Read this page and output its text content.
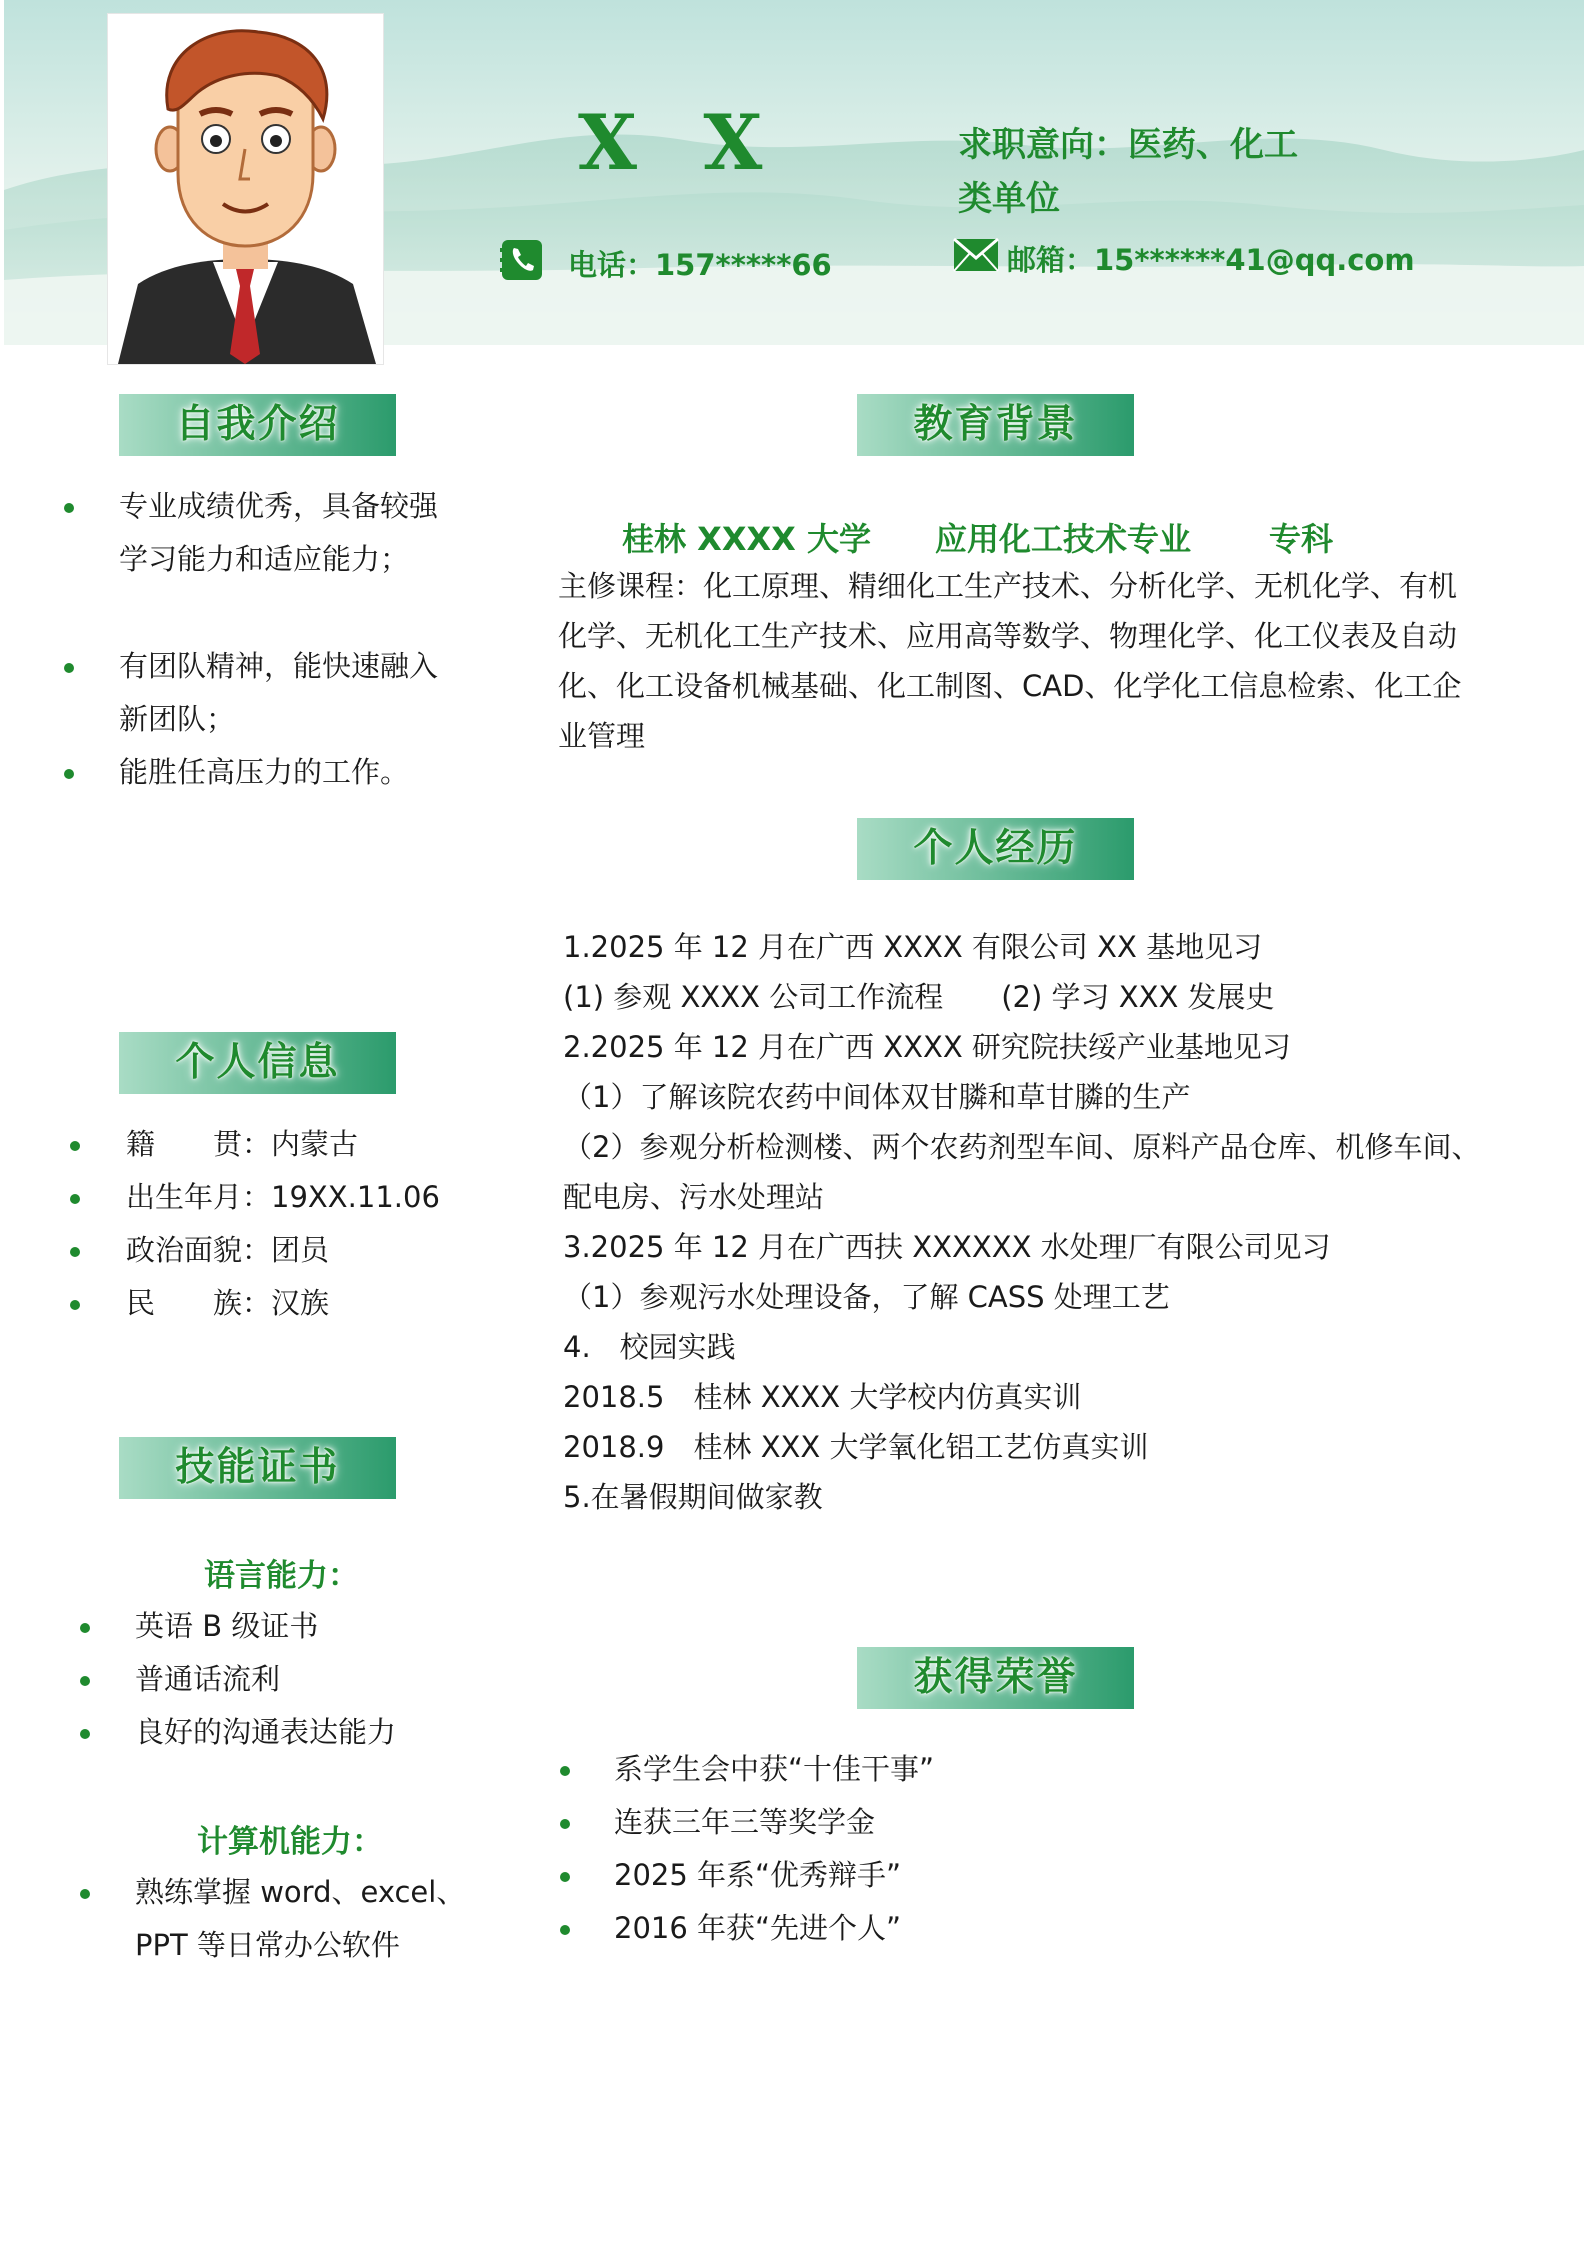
X X	求职意向：医药、化工类单位
电话：157*****66	邮箱：15******41@qq.com
自我介绍
专业成绩优秀，具备较强学习能力和适应能力；
有团队精神，能快速融入新团队；
能胜任高压力的工作。
个人信息
籍　　贯：内蒙古
出生年月：19XX.11.06
政治面貌：团员
民　　族：汉族
技能证书
语言能力：
英语 B 级证书
普通话流利
良好的沟通表达能力
计算机能力：
熟练掌握 word、excel、PPT 等日常办公软件
教育背景
桂林 XXXX 大学	应用化工技术专业	专科
主修课程：化工原理、精细化工生产技术、分析化学、无机化学、有机化学、无机化工生产技术、应用高等数学、物理化学、化工仪表及自动化、化工设备机械基础、化工制图、CAD、化学化工信息检索、化工企业管理
个人经历
1.2025 年 12 月在广西 XXXX 有限公司 XX 基地见习
(1) 参观 XXXX 公司工作流程　　(2) 学习 XXX 发展史
2.2025 年 12 月在广西 XXXX 研究院扶绥产业基地见习
（1）了解该院农药中间体双甘膦和草甘膦的生产
（2）参观分析检测楼、两个农药剂型车间、原料产品仓库、机修车间、
配电房、污水处理站
3.2025 年 12 月在广西扶 XXXXXX 水处理厂有限公司见习
（1）参观污水处理设备，了解 CASS 处理工艺
4.　校园实践
2018.5　桂林 XXXX 大学校内仿真实训
2018.9　桂林 XXX 大学氧化铝工艺仿真实训
5.在暑假期间做家教
获得荣誉
系学生会中获“十佳干事”
连获三年三等奖学金
2025 年系“优秀辩手”
2016 年获“先进个人”
